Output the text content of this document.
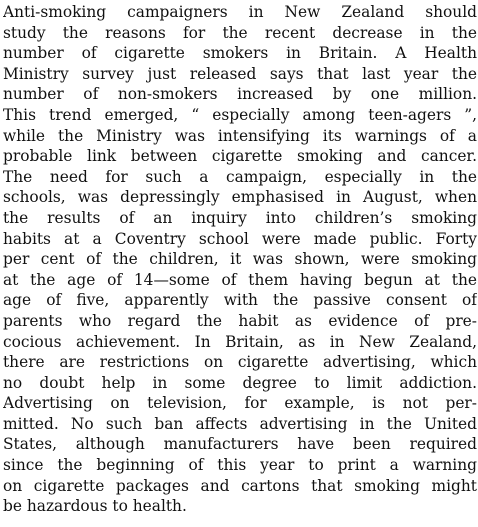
Anti-smoking campaigners in New Zealand should
study the reasons for the recent decrease in the
number of cigarette smokers in Britain. A Health
Ministry survey just released says that last year the
number of non-smokers increased by one million.
This trend emerged, “ especially among teen-agers ”,
while the Ministry was intensifying its warnings of a
probable link between cigarette smoking and cancer.
The need for such a campaign, especially in the
schools, was depressingly emphasised in August, when
the results of an inquiry into children’s smoking
habits at a Coventry school were made public. Forty
per cent of the children, it was shown, were smoking
at the age of 14—some of them having begun at the
age of five, apparently with the passive consent of
parents who regard the habit as evidence of pre-
cocious achievement. In Britain, as in New Zealand,
there are restrictions on cigarette advertising, which
no doubt help in some degree to limit addiction.
Advertising on television, for example, is not per-
mitted. No such ban affects advertising in the United
States, although manufacturers have been required
since the beginning of this year to print a warning
on cigarette packages and cartons that smoking might
be hazardous to health.
